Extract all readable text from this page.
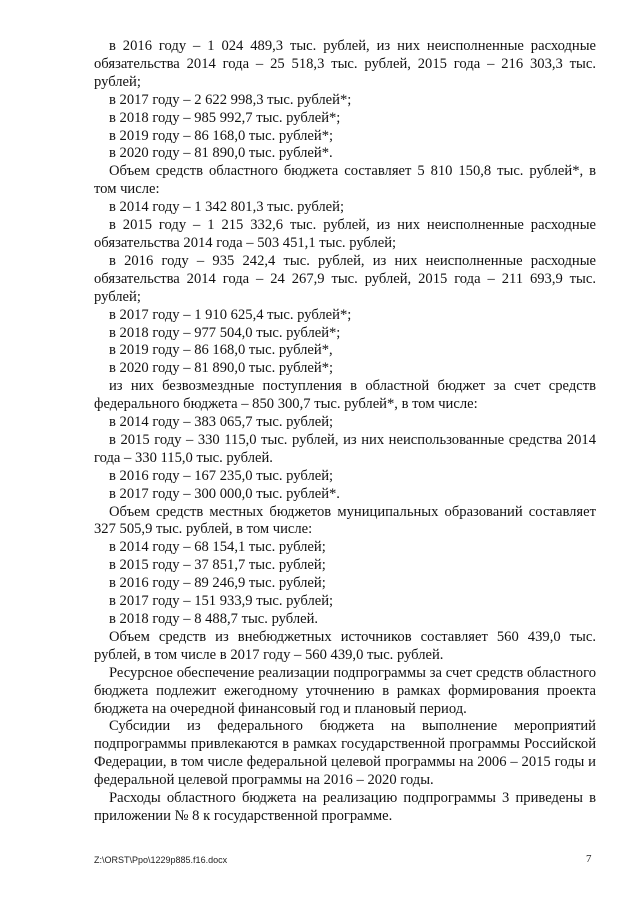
в 2016 году – 1 024 489,3 тыс. рублей, из них неисполненные расходные обязательства 2014 года – 25 518,3 тыс. рублей, 2015 года – 216 303,3 тыс. рублей;

в 2017 году – 2 622 998,3 тыс. рублей*;

в 2018 году – 985 992,7 тыс. рублей*;

в 2019 году – 86 168,0 тыс. рублей*;

в 2020 году – 81 890,0 тыс. рублей*.

Объем средств областного бюджета составляет 5 810 150,8 тыс. рублей*, в том числе:

в 2014 году – 1 342 801,3 тыс. рублей;

в 2015 году – 1 215 332,6 тыс. рублей, из них неисполненные расходные обязательства 2014 года – 503 451,1 тыс. рублей;

в 2016 году – 935 242,4 тыс. рублей, из них неисполненные расходные обязательства 2014 года – 24 267,9 тыс. рублей, 2015 года – 211 693,9 тыс. рублей;

в 2017 году – 1 910 625,4 тыс. рублей*;

в 2018 году – 977 504,0 тыс. рублей*;

в 2019 году – 86 168,0 тыс. рублей*,

в 2020 году – 81 890,0 тыс. рублей*;

из них безвозмездные поступления в областной бюджет за счет средств федерального бюджета – 850 300,7 тыс. рублей*, в том числе:

в 2014 году – 383 065,7 тыс. рублей;

в 2015 году – 330 115,0 тыс. рублей, из них неиспользованные средства 2014 года – 330 115,0 тыс. рублей.

в 2016 году – 167 235,0 тыс. рублей;

в 2017 году – 300 000,0 тыс. рублей*.

Объем средств местных бюджетов муниципальных образований составляет 327 505,9 тыс. рублей, в том числе:

в 2014 году – 68 154,1 тыс. рублей;

в 2015 году – 37 851,7 тыс. рублей;

в 2016 году – 89 246,9 тыс. рублей;

в 2017 году – 151 933,9 тыс. рублей;

в 2018 году – 8 488,7 тыс. рублей.

Объем средств из внебюджетных источников составляет 560 439,0 тыс. рублей, в том числе в 2017 году – 560 439,0 тыс. рублей.

Ресурсное обеспечение реализации подпрограммы за счет средств областного бюджета подлежит ежегодному уточнению в рамках формирования проекта бюджета на очередной финансовый год и плановый период.

Субсидии из федерального бюджета на выполнение мероприятий подпрограммы привлекаются в рамках государственной программы Российской Федерации, в том числе федеральной целевой программы на 2006 – 2015 годы и федеральной целевой программы на 2016 – 2020 годы.

Расходы областного бюджета на реализацию подпрограммы 3 приведены в приложении № 8 к государственной программе.

Z:\ORST\Ppo\1229p885.f16.docx	7
